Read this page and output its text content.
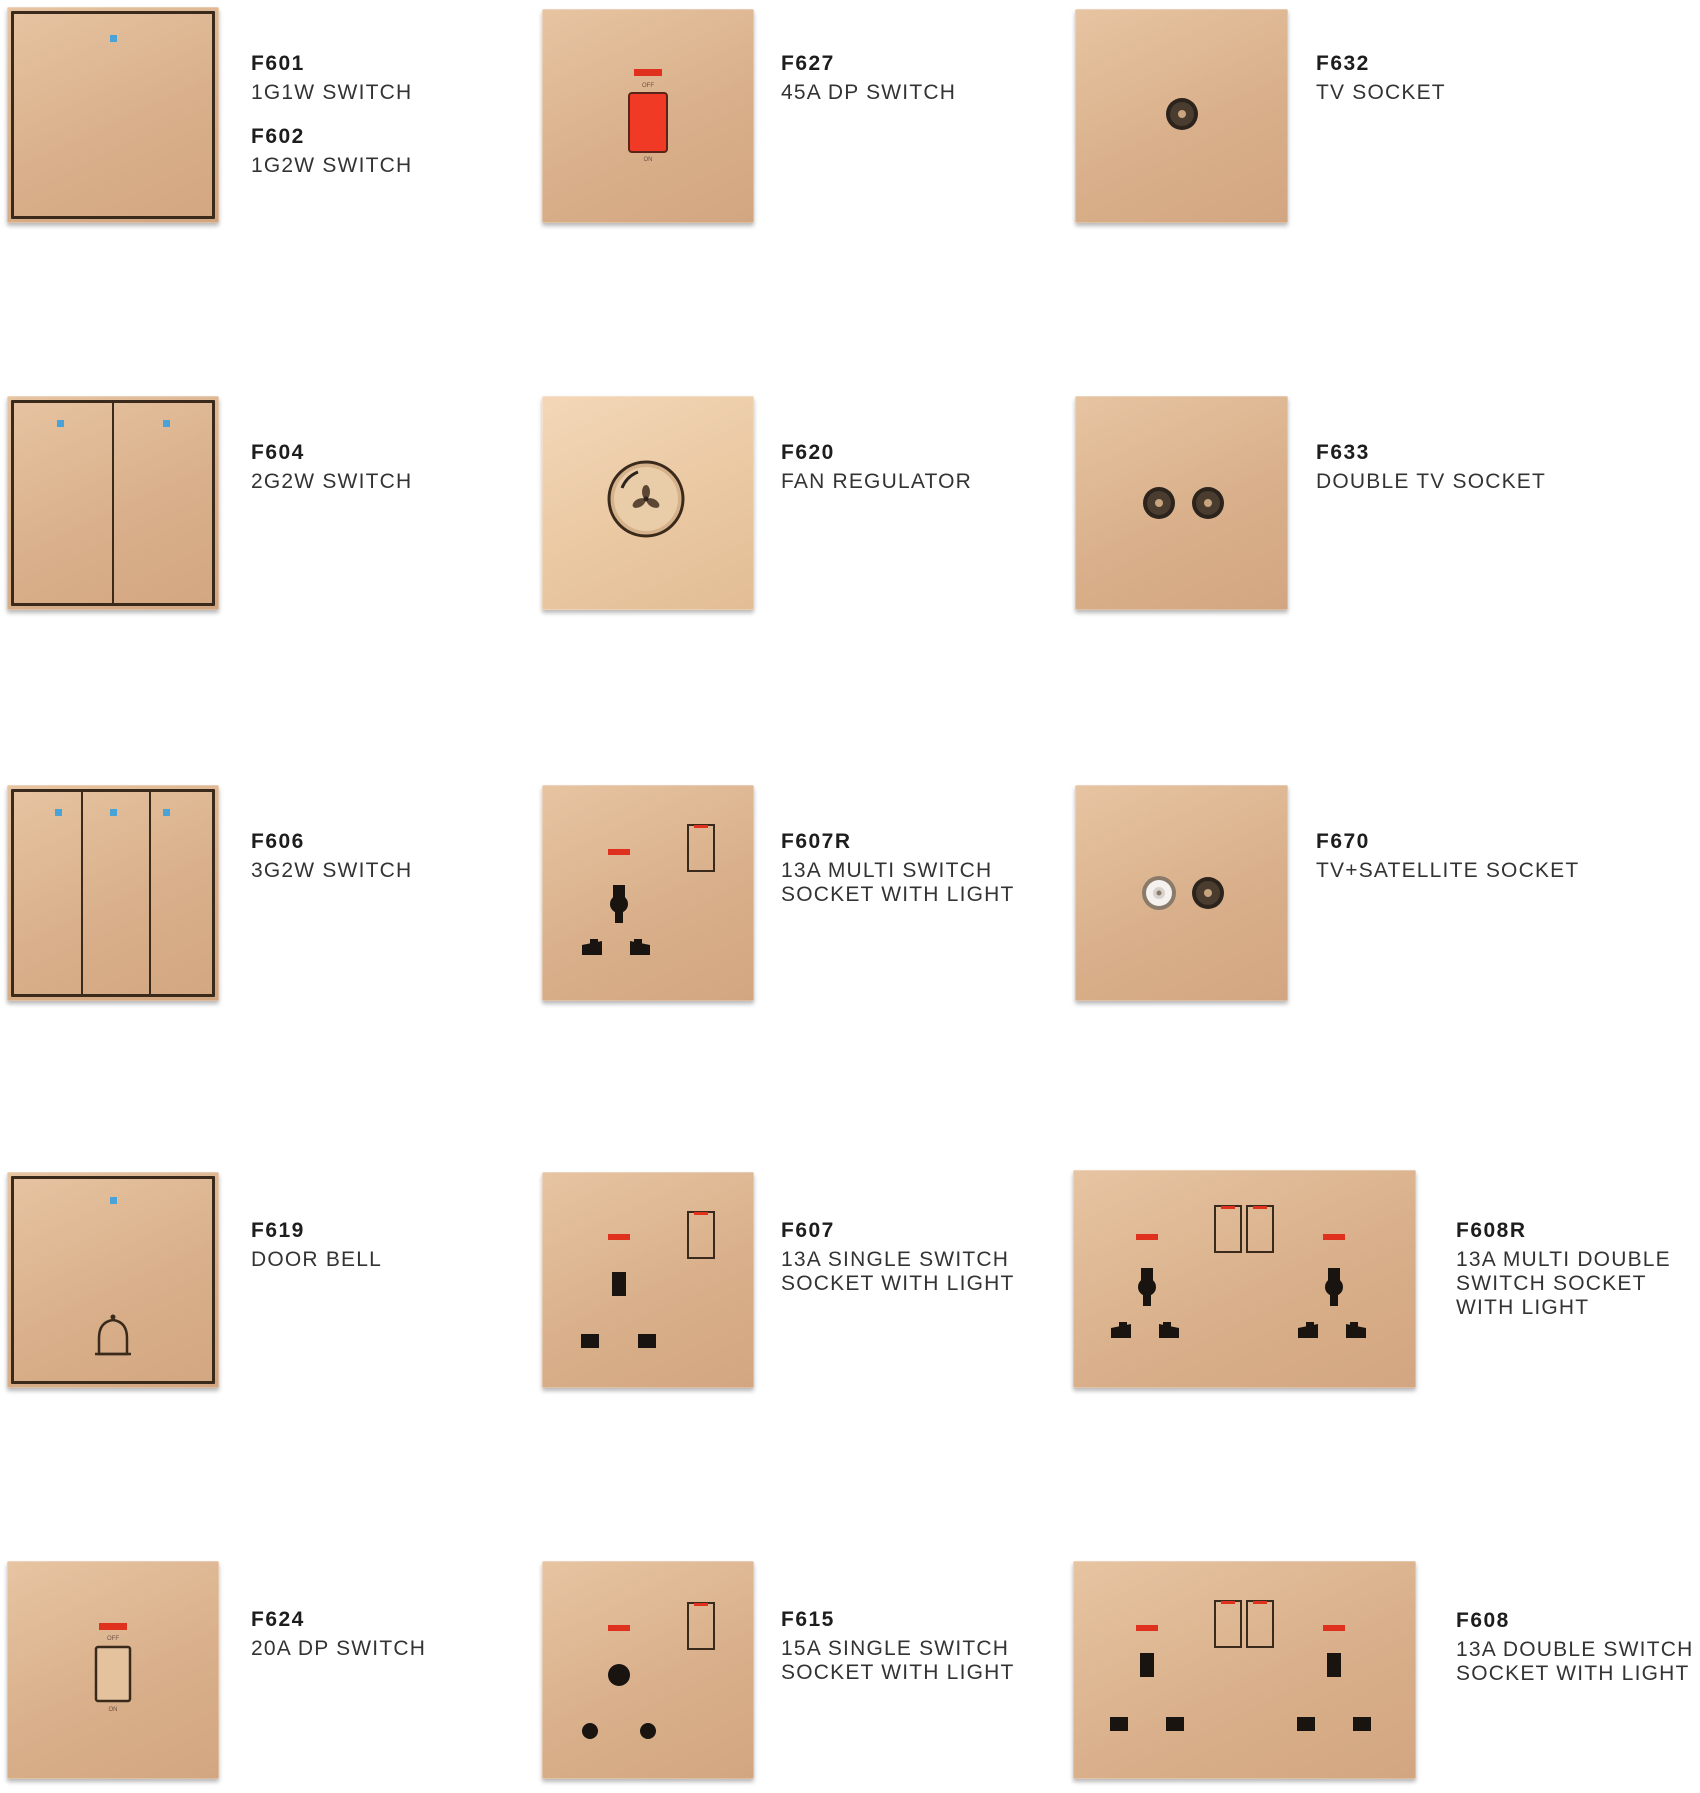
F601
1G1W SWITCH
F602
1G2W SWITCH
OFF
ON
F627
45A DP SWITCH
F632
TV SOCKET
F604
2G2W SWITCH
F620
FAN REGULATOR
F633
DOUBLE TV SOCKET
F606
3G2W SWITCH
F607R
13A MULTI SWITCH
SOCKET WITH LIGHT
F670
TV+SATELLITE SOCKET
F619
DOOR BELL
F607
13A SINGLE SWITCH
SOCKET WITH LIGHT
F608R
13A MULTI DOUBLE
SWITCH SOCKET
WITH LIGHT
OFF
ON
F624
20A DP SWITCH
F615
15A SINGLE SWITCH
SOCKET WITH LIGHT
F608
13A DOUBLE SWITCH
SOCKET WITH LIGHT
